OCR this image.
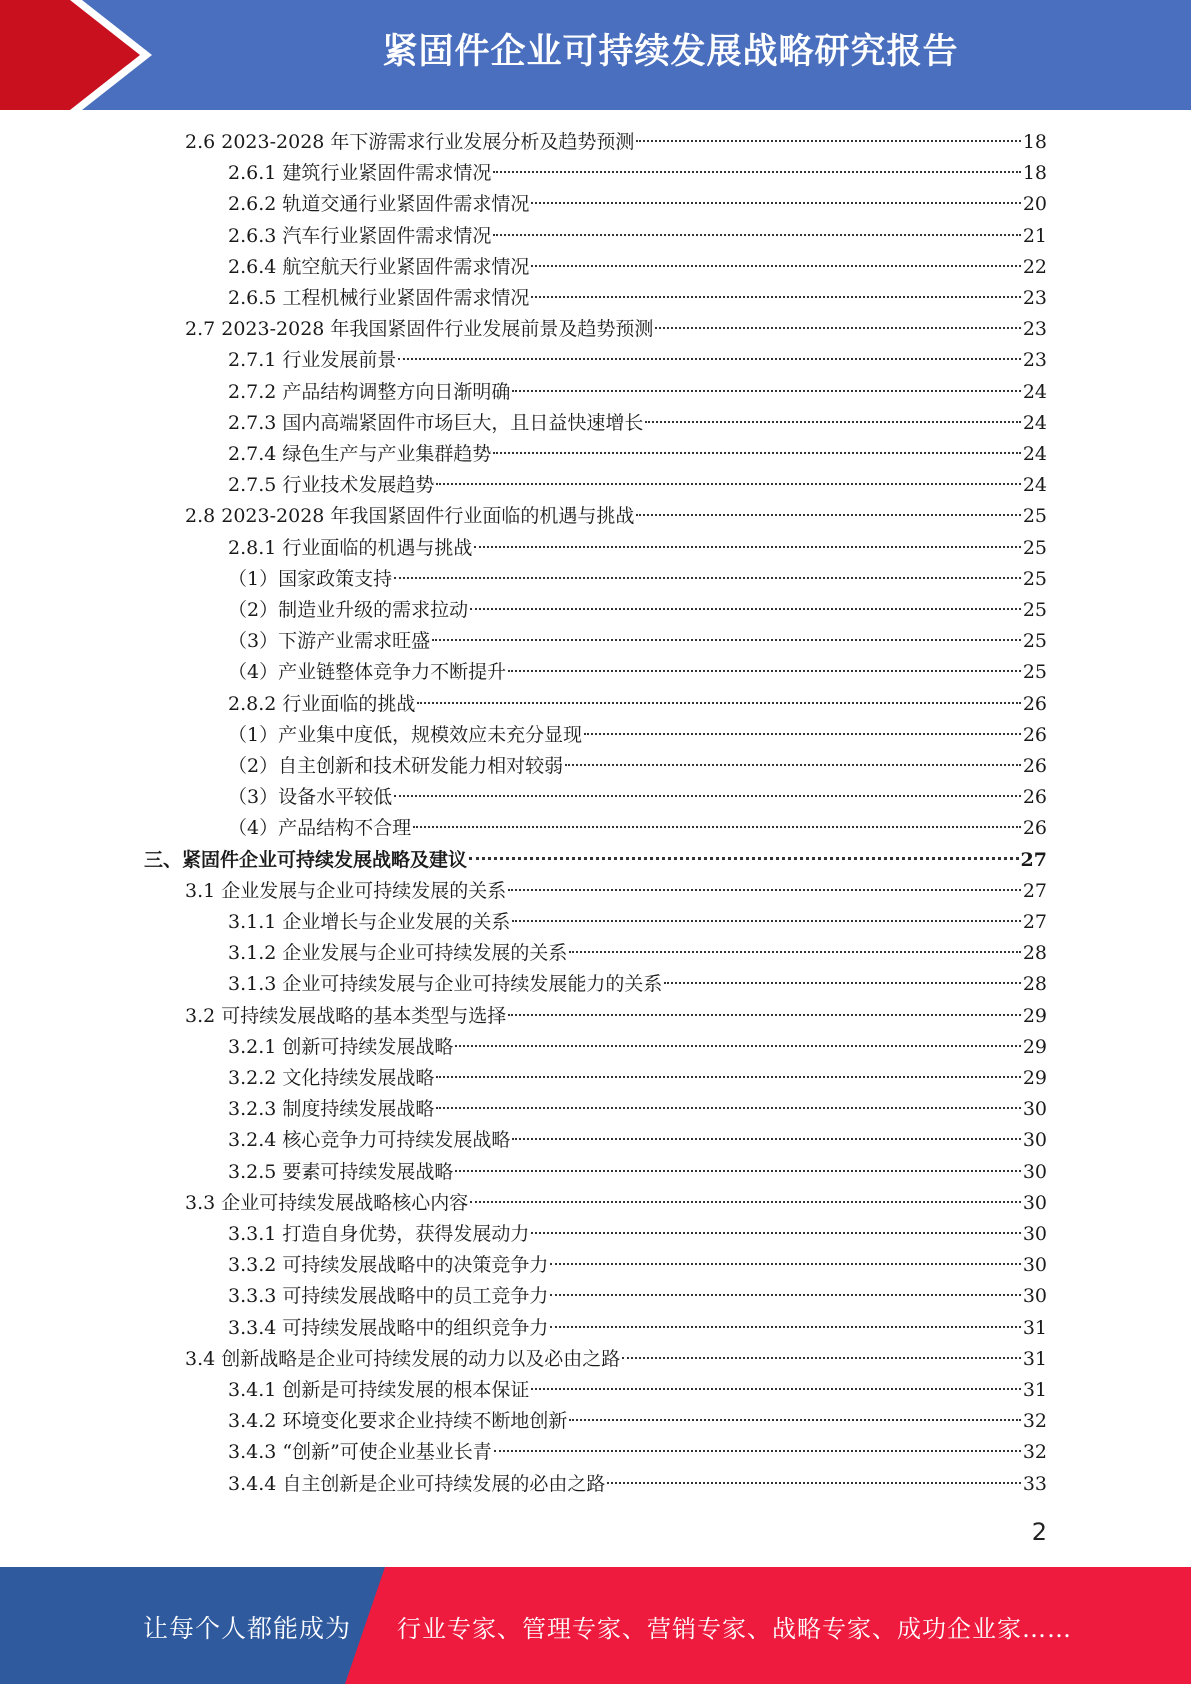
紧固件企业可持续发展战略研究报告
2.6 2023-2028 年下游需求行业发展分析及趋势预测	18
2.6.1 建筑行业紧固件需求情况	18
2.6.2 轨道交通行业紧固件需求情况	20
2.6.3 汽车行业紧固件需求情况	21
2.6.4 航空航天行业紧固件需求情况	22
2.6.5 工程机械行业紧固件需求情况	23
2.7 2023-2028 年我国紧固件行业发展前景及趋势预测	23
2.7.1 行业发展前景	23
2.7.2 产品结构调整方向日渐明确	24
2.7.3 国内高端紧固件市场巨大，且日益快速增长	24
2.7.4 绿色生产与产业集群趋势	24
2.7.5 行业技术发展趋势	24
2.8 2023-2028 年我国紧固件行业面临的机遇与挑战	25
2.8.1 行业面临的机遇与挑战	25
（1）国家政策支持	25
（2）制造业升级的需求拉动	25
（3）下游产业需求旺盛	25
（4）产业链整体竞争力不断提升	25
2.8.2 行业面临的挑战	26
（1）产业集中度低，规模效应未充分显现	26
（2）自主创新和技术研发能力相对较弱	26
（3）设备水平较低	26
（4）产品结构不合理	26
三、紧固件企业可持续发展战略及建议	27
3.1 企业发展与企业可持续发展的关系	27
3.1.1 企业增长与企业发展的关系	27
3.1.2 企业发展与企业可持续发展的关系	28
3.1.3 企业可持续发展与企业可持续发展能力的关系	28
3.2 可持续发展战略的基本类型与选择	29
3.2.1 创新可持续发展战略	29
3.2.2 文化持续发展战略	29
3.2.3 制度持续发展战略	30
3.2.4 核心竞争力可持续发展战略	30
3.2.5 要素可持续发展战略	30
3.3 企业可持续发展战略核心内容	30
3.3.1 打造自身优势，获得发展动力	30
3.3.2 可持续发展战略中的决策竞争力	30
3.3.3 可持续发展战略中的员工竞争力	30
3.3.4 可持续发展战略中的组织竞争力	31
3.4 创新战略是企业可持续发展的动力以及必由之路	31
3.4.1 创新是可持续发展的根本保证	31
3.4.2 环境变化要求企业持续不断地创新	32
3.4.3 “创新”可使企业基业长青	32
3.4.4 自主创新是企业可持续发展的必由之路	33
2
让每个人都能成为 行业专家、管理专家、营销专家、战略专家、成功企业家……
